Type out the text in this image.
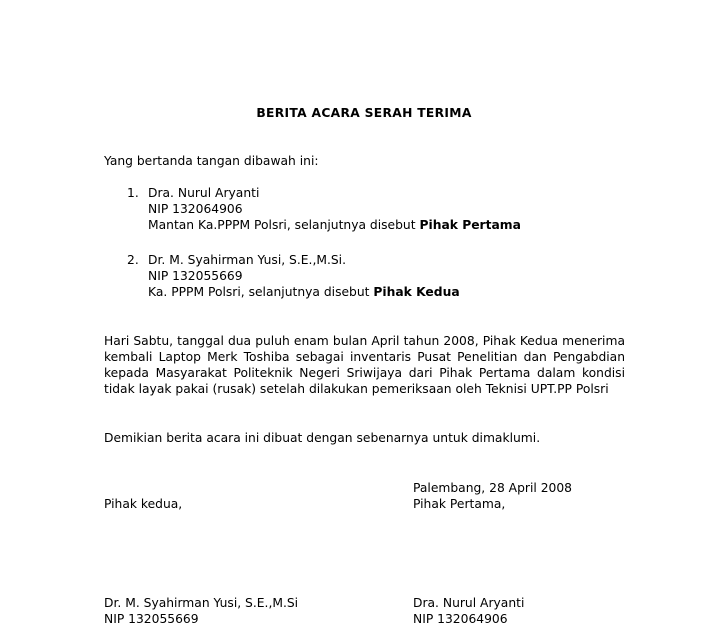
BERITA ACARA SERAH TERIMA
Yang bertanda tangan dibawah ini:
1. Dra. Nurul Aryanti
NIP 132064906
Mantan Ka.PPPM Polsri, selanjutnya disebut Pihak Pertama
2. Dr. M. Syahirman Yusi, S.E.,M.Si.
NIP 132055669
Ka. PPPM Polsri, selanjutnya disebut Pihak Kedua
Hari Sabtu, tanggal dua puluh enam bulan April tahun 2008, Pihak Kedua menerima kembali Laptop Merk Toshiba sebagai inventaris Pusat Penelitian dan Pengabdian kepada Masyarakat Politeknik Negeri Sriwijaya dari Pihak Pertama dalam kondisi tidak layak pakai (rusak) setelah dilakukan pemeriksaan oleh Teknisi UPT.PP Polsri
Demikian berita acara ini dibuat dengan sebenarnya untuk dimaklumi.
Palembang, 28 April 2008
Pihak kedua,	Pihak Pertama,
Dr. M. Syahirman Yusi, S.E.,M.Si
NIP 132055669
Dra. Nurul Aryanti
NIP 132064906
